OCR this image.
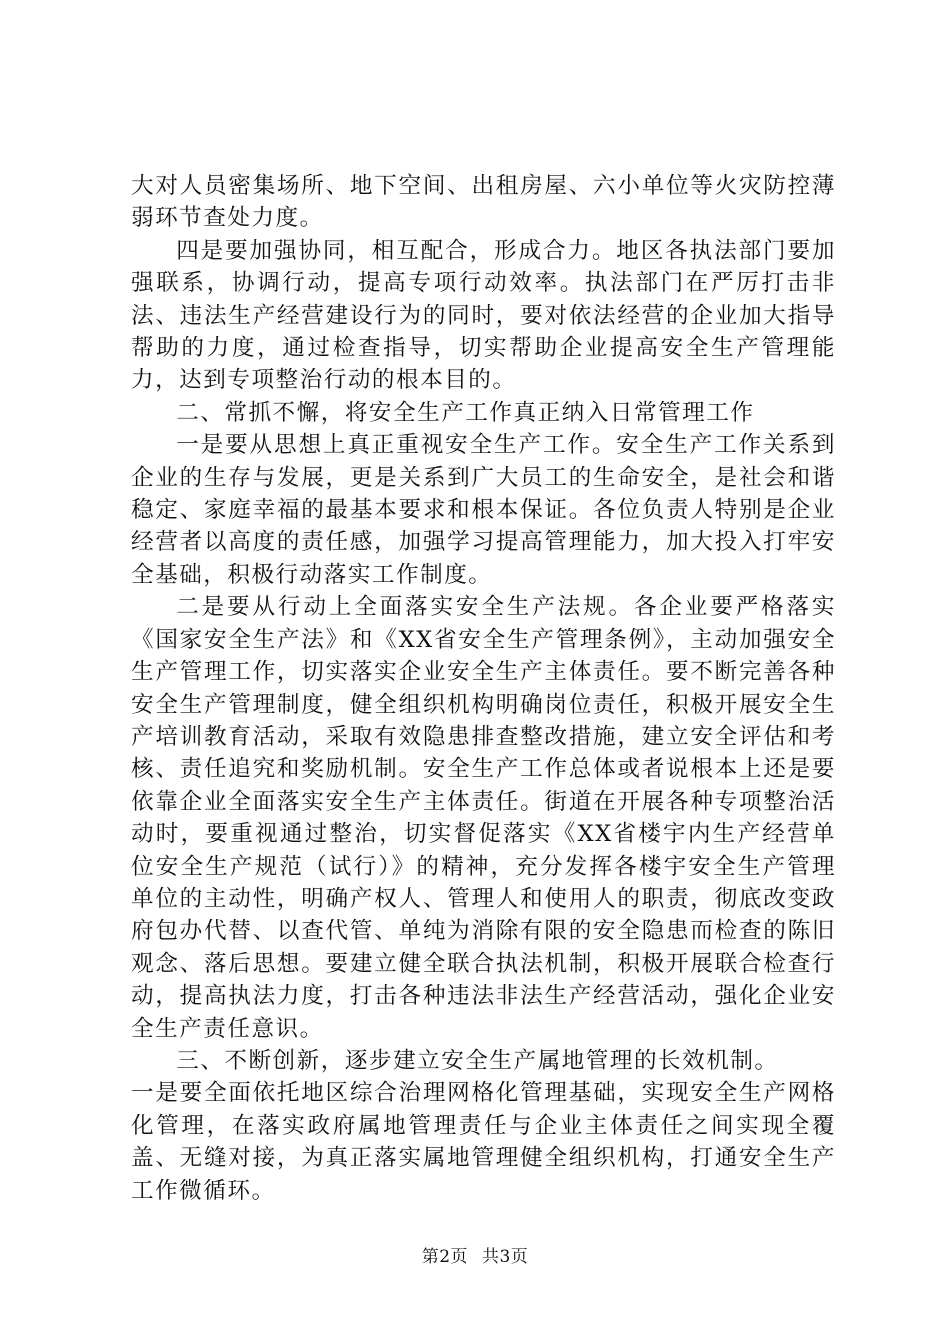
大对人员密集场所、地下空间、出租房屋、六小单位等火灾防控薄弱环节查处力度。

四是要加强协同，相互配合，形成合力。地区各执法部门要加强联系，协调行动，提高专项行动效率。执法部门在严厉打击非法、违法生产经营建设行为的同时，要对依法经营的企业加大指导帮助的力度，通过检查指导，切实帮助企业提高安全生产管理能力，达到专项整治行动的根本目的。

二、常抓不懈，将安全生产工作真正纳入日常管理工作

一是要从思想上真正重视安全生产工作。安全生产工作关系到企业的生存与发展，更是关系到广大员工的生命安全，是社会和谐稳定、家庭幸福的最基本要求和根本保证。各位负责人特别是企业经营者以高度的责任感，加强学习提高管理能力，加大投入打牢安全基础，积极行动落实工作制度。

二是要从行动上全面落实安全生产法规。各企业要严格落实《国家安全生产法》和《XX省安全生产管理条例》，主动加强安全生产管理工作，切实落实企业安全生产主体责任。要不断完善各种安全生产管理制度，健全组织机构明确岗位责任，积极开展安全生产培训教育活动，采取有效隐患排查整改措施，建立安全评估和考核、责任追究和奖励机制。安全生产工作总体或者说根本上还是要依靠企业全面落实安全生产主体责任。街道在开展各种专项整治活动时，要重视通过整治，切实督促落实《XX省楼宇内生产经营单位安全生产规范（试行）》的精神，充分发挥各楼宇安全生产管理单位的主动性，明确产权人、管理人和使用人的职责，彻底改变政府包办代替、以查代管、单纯为消除有限的安全隐患而检查的陈旧观念、落后思想。要建立健全联合执法机制，积极开展联合检查行动，提高执法力度，打击各种违法非法生产经营活动，强化企业安全生产责任意识。

三、不断创新，逐步建立安全生产属地管理的长效机制。

一是要全面依托地区综合治理网格化管理基础，实现安全生产网格化管理，在落实政府属地管理责任与企业主体责任之间实现全覆盖、无缝对接，为真正落实属地管理健全组织机构，打通安全生产工作微循环。

第2页 共3页
